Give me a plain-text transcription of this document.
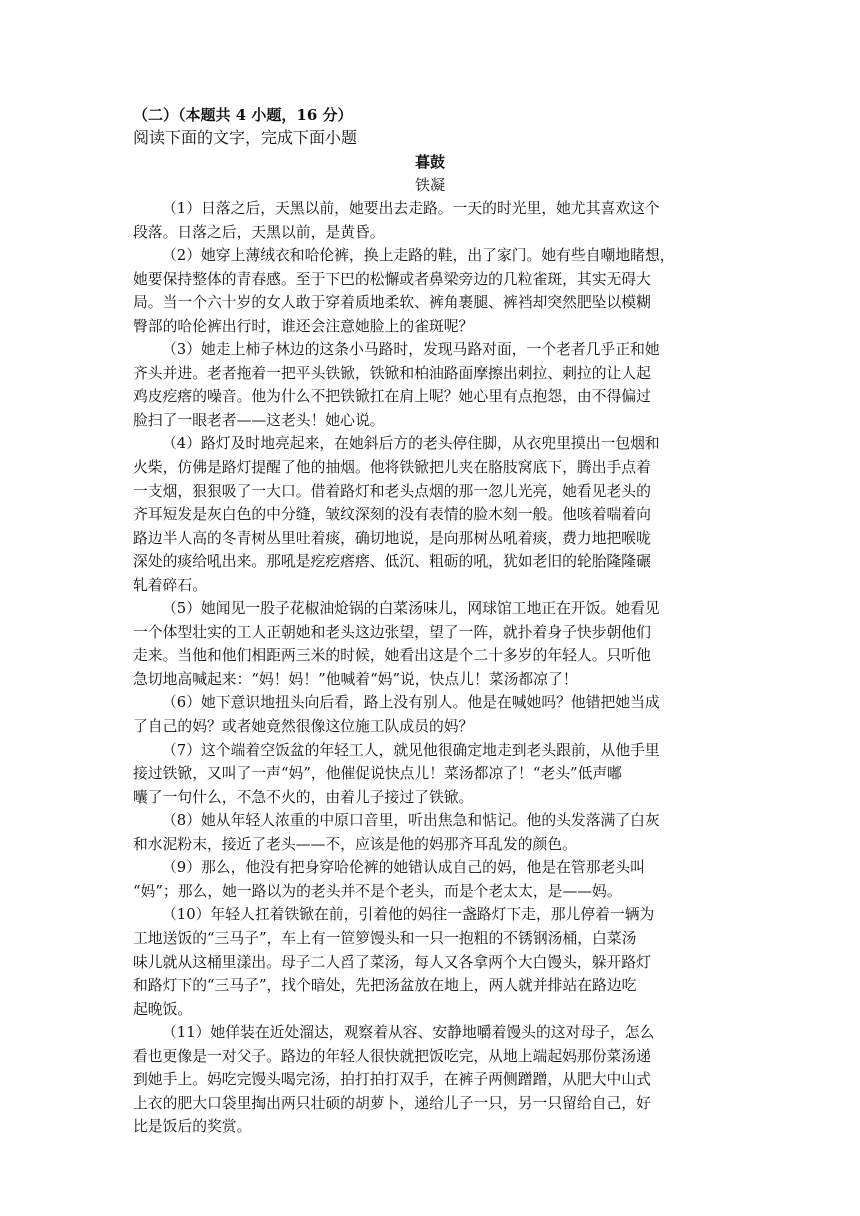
（二）（本题共 4 小题，16 分）
阅读下面的文字，完成下面小题
暮鼓
铁凝
（1）日落之后，天黑以前，她要出去走路。一天的时光里，她尤其喜欢这个
段落。日落之后，天黑以前，是黄昏。
（2）她穿上薄绒衣和哈伦裤，换上走路的鞋，出了家门。她有些自嘲地睹想，
她要保持整体的青春感。至于下巴的松懈或者鼻梁旁边的几粒雀斑，其实无碍大
局。当一个六十岁的女人敢于穿着质地柔软、裤角裹腿、裤裆却突然肥坠以模糊
臀部的哈伦裤出行时，谁还会注意她脸上的雀斑呢？
（3）她走上柿子林边的这条小马路时，发现马路对面，一个老者几乎正和她
齐头并进。老者拖着一把平头铁锨，铁锨和柏油路面摩擦出刺拉、刺拉的让人起
鸡皮疙瘩的噪音。他为什么不把铁锨扛在肩上呢？她心里有点抱怨，由不得偏过
脸扫了一眼老者——这老头！她心说。
（4）路灯及时地亮起来，在她斜后方的老头停住脚，从衣兜里摸出一包烟和
火柴，仿佛是路灯提醒了他的抽烟。他将铁锨把儿夹在胳肢窝底下，腾出手点着
一支烟，狠狠吸了一大口。借着路灯和老头点烟的那一忽儿光亮，她看见老头的
齐耳短发是灰白色的中分缝，皱纹深刻的没有表情的脸木刻一般。他咳着喘着向
路边半人高的冬青树丛里吐着痰，确切地说，是向那树丛吼着痰，费力地把喉咙
深处的痰给吼出来。那吼是疙疙瘩瘩、低沉、粗砺的吼，犹如老旧的轮胎隆隆碾
轧着碎石。
（5）她闻见一股子花椒油炝锅的白菜汤味儿，网球馆工地正在开饭。她看见
一个体型壮实的工人正朝她和老头这边张望，望了一阵，就扑着身子快步朝他们
走来。当他和他们相距两三米的时候，她看出这是个二十多岁的年轻人。只听他
急切地高喊起来：“妈！妈！”他喊着“妈”说，快点儿！菜汤都凉了！
（6）她下意识地扭头向后看，路上没有别人。他是在喊她吗？他错把她当成
了自己的妈？或者她竟然很像这位施工队成员的妈？
（7）这个端着空饭盆的年轻工人，就见他很确定地走到老头跟前，从他手里
接过铁锨，又叫了一声“妈”，他催促说快点儿！菜汤都凉了！“老头”低声嘟
囔了一句什么，不急不火的，由着儿子接过了铁锨。
（8）她从年轻人浓重的中原口音里，听出焦急和惦记。他的头发落满了白灰
和水泥粉末，接近了老头——不，应该是他的妈那齐耳乱发的颜色。
（9）那么，他没有把身穿哈伦裤的她错认成自己的妈，他是在管那老头叫
“妈”；那么，她一路以为的老头并不是个老头，而是个老太太，是——妈。
（10）年轻人扛着铁锨在前，引着他的妈往一盏路灯下走，那儿停着一辆为
工地送饭的“三马子”，车上有一笸箩馒头和一只一抱粗的不锈钢汤桶，白菜汤
味儿就从这桶里漾出。母子二人舀了菜汤，每人又各拿两个大白馒头，躲开路灯
和路灯下的“三马子”，找个暗处，先把汤盆放在地上，两人就并排站在路边吃
起晚饭。
（11）她佯装在近处溜达，观察着从容、安静地嚼着馒头的这对母子，怎么
看也更像是一对父子。路边的年轻人很快就把饭吃完，从地上端起妈那份菜汤递
到她手上。妈吃完馒头喝完汤，拍打拍打双手，在裤子两侧蹭蹭，从肥大中山式
上衣的肥大口袋里掏出两只壮硕的胡萝卜，递给儿子一只，另一只留给自己，好
比是饭后的奖赏。
